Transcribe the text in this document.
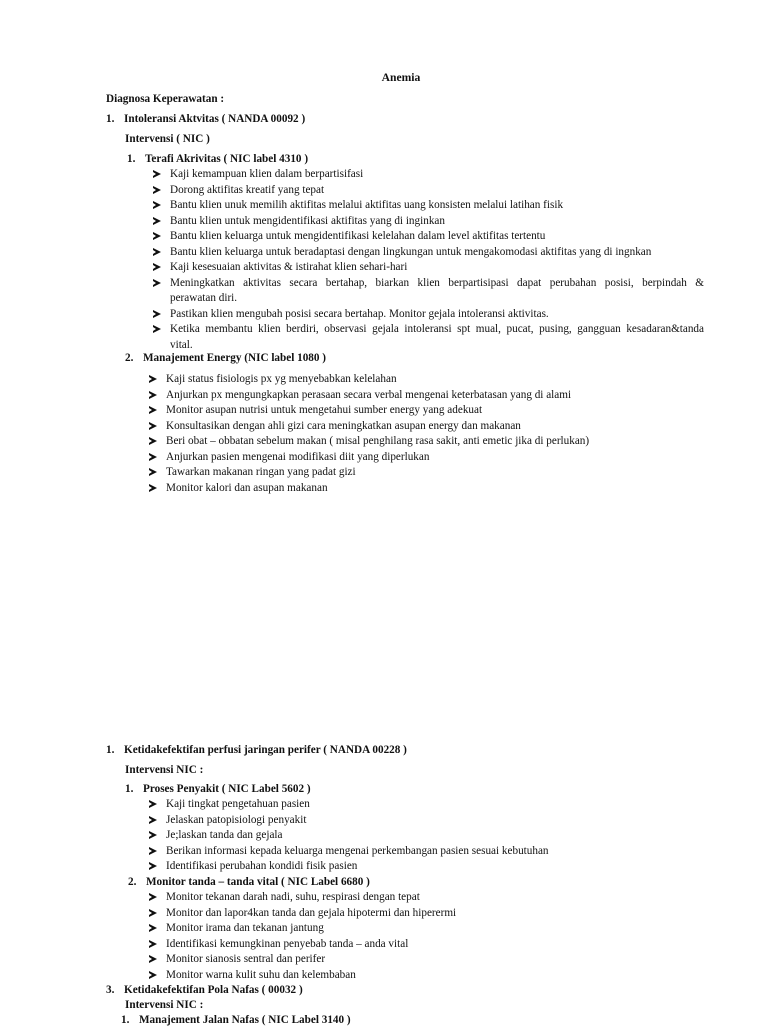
Anemia
Diagnosa Keperawatan :
1. Intoleransi Aktvitas ( NANDA 00092 )
Intervensi ( NIC )
1. Terafi Akrivitas ( NIC label 4310 )
Kaji kemampuan klien dalam berpartisifasi
Dorong aktifitas kreatif yang tepat
Bantu klien unuk memilih aktifitas melalui aktifitas uang konsisten melalui latihan fisik
Bantu klien untuk mengidentifikasi aktifitas yang di inginkan
Bantu klien keluarga untuk mengidentifikasi kelelahan dalam level aktifitas tertentu
Bantu klien keluarga untuk beradaptasi dengan lingkungan untuk mengakomodasi aktifitas yang di ingnkan
Kaji kesesuaian aktivitas & istirahat klien sehari-hari
Meningkatkan aktivitas secara bertahap, biarkan klien berpartisipasi dapat perubahan posisi, berpindah &
perawatan diri.
Pastikan klien mengubah posisi secara bertahap. Monitor gejala intoleransi aktivitas.
Ketika membantu klien berdiri, observasi gejala intoleransi spt mual, pucat, pusing, gangguan kesadaran&tanda
vital.
2. Manajement Energy (NIC label 1080 )
Kaji status fisiologis px yg menyebabkan kelelahan
Anjurkan px mengungkapkan perasaan secara verbal mengenai keterbatasan yang di alami
Monitor asupan nutrisi untuk mengetahui sumber energy yang adekuat
Konsultasikan dengan ahli gizi cara meningkatkan asupan energy dan makanan
Beri obat – obbatan sebelum makan ( misal penghilang rasa sakit, anti emetic jika di perlukan)
Anjurkan pasien mengenai modifikasi diit yang diperlukan
Tawarkan makanan ringan yang padat gizi
Monitor kalori dan asupan makanan
1. Ketidakefektifan perfusi jaringan perifer ( NANDA 00228 )
Intervensi NIC :
1. Proses Penyakit ( NIC Label 5602 )
Kaji tingkat pengetahuan pasien
Jelaskan patopisiologi penyakit
Je;laskan tanda dan gejala
Berikan informasi kepada keluarga mengenai perkembangan pasien sesuai kebutuhan
Identifikasi perubahan kondidi fisik pasien
2. Monitor tanda – tanda vital ( NIC Label 6680 )
Monitor tekanan darah nadi, suhu, respirasi dengan tepat
Monitor dan lapor4kan tanda dan gejala hipotermi dan hiperermi
Monitor irama dan tekanan jantung
Identifikasi kemungkinan penyebab tanda – anda vital
Monitor sianosis sentral dan perifer
Monitor warna kulit suhu dan kelembaban
3. Ketidakefektifan Pola Nafas ( 00032 )
Intervensi NIC :
1. Manajement Jalan Nafas ( NIC Label 3140 )
